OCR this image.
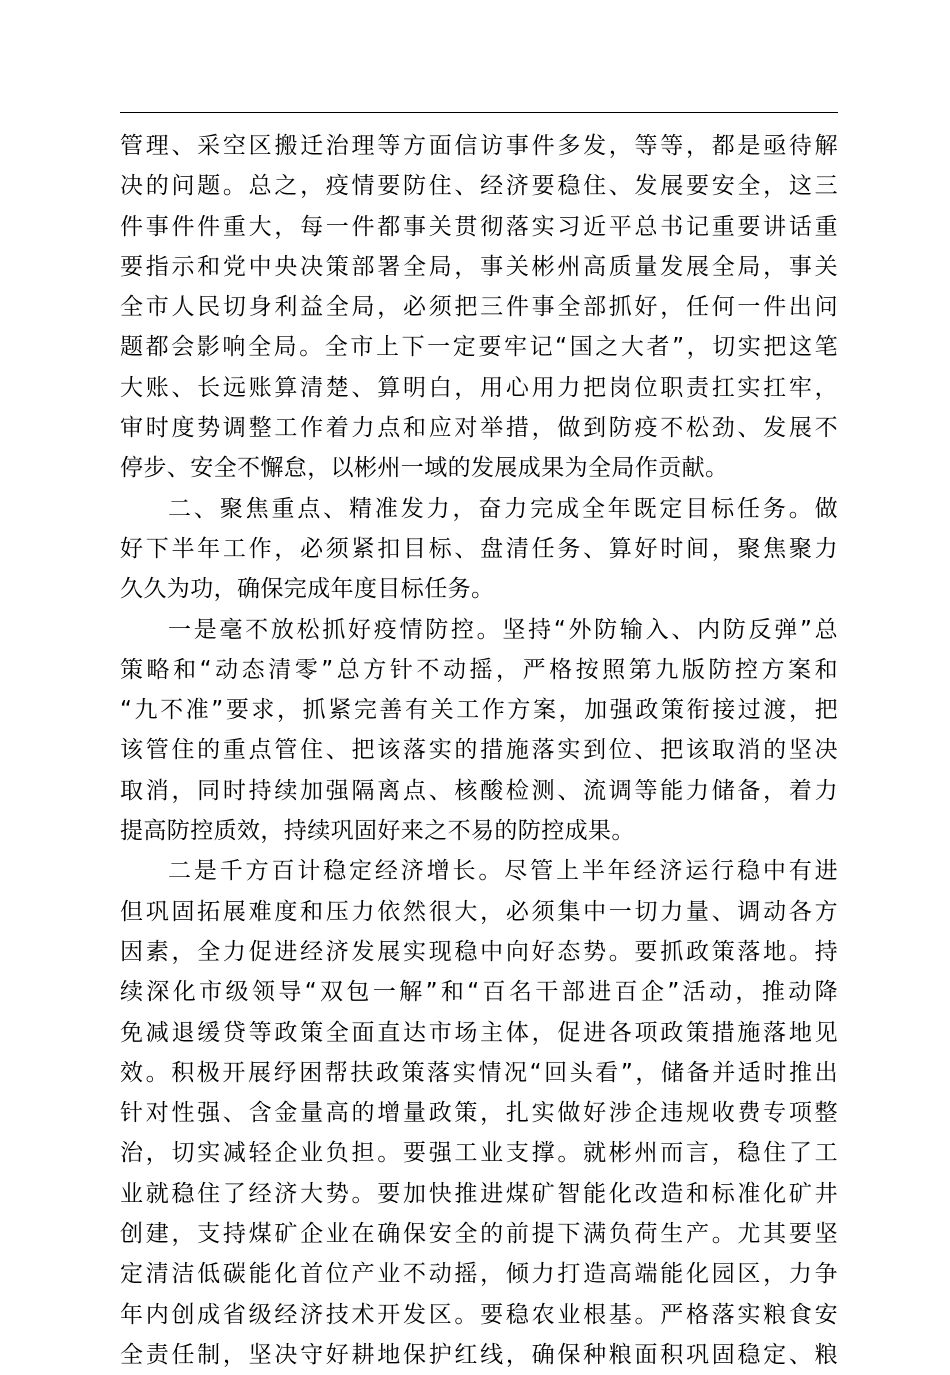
管理、采空区搬迁治理等方面信访事件多发，等等，都是亟待解
决的问题。总之，疫情要防住、经济要稳住、发展要安全，这三
件事件件重大，每一件都事关贯彻落实习近平总书记重要讲话重
要指示和党中央决策部署全局，事关彬州高质量发展全局，事关
全市人民切身利益全局，必须把三件事全部抓好，任何一件出问
题都会影响全局。全市上下一定要牢记“国之大者”，切实把这笔
大账、长远账算清楚、算明白，用心用力把岗位职责扛实扛牢，
审时度势调整工作着力点和应对举措，做到防疫不松劲、发展不
停步、安全不懈怠，以彬州一域的发展成果为全局作贡献。
二、聚焦重点、精准发力，奋力完成全年既定目标任务。做
好下半年工作，必须紧扣目标、盘清任务、算好时间，聚焦聚力
久久为功，确保完成年度目标任务。
一是毫不放松抓好疫情防控。坚持“外防输入、内防反弹”总
策略和“动态清零”总方针不动摇，严格按照第九版防控方案和
“九不准”要求，抓紧完善有关工作方案，加强政策衔接过渡，把
该管住的重点管住、把该落实的措施落实到位、把该取消的坚决
取消，同时持续加强隔离点、核酸检测、流调等能力储备，着力
提高防控质效，持续巩固好来之不易的防控成果。
二是千方百计稳定经济增长。尽管上半年经济运行稳中有进
但巩固拓展难度和压力依然很大，必须集中一切力量、调动各方
因素，全力促进经济发展实现稳中向好态势。要抓政策落地。持
续深化市级领导“双包一解”和“百名干部进百企”活动，推动降
免减退缓贷等政策全面直达市场主体，促进各项政策措施落地见
效。积极开展纾困帮扶政策落实情况“回头看”，储备并适时推出
针对性强、含金量高的增量政策，扎实做好涉企违规收费专项整
治，切实减轻企业负担。要强工业支撑。就彬州而言，稳住了工
业就稳住了经济大势。要加快推进煤矿智能化改造和标准化矿井
创建，支持煤矿企业在确保安全的前提下满负荷生产。尤其要坚
定清洁低碳能化首位产业不动摇，倾力打造高端能化园区，力争
年内创成省级经济技术开发区。要稳农业根基。严格落实粮食安
全责任制，坚决守好耕地保护红线，确保种粮面积巩固稳定、粮
